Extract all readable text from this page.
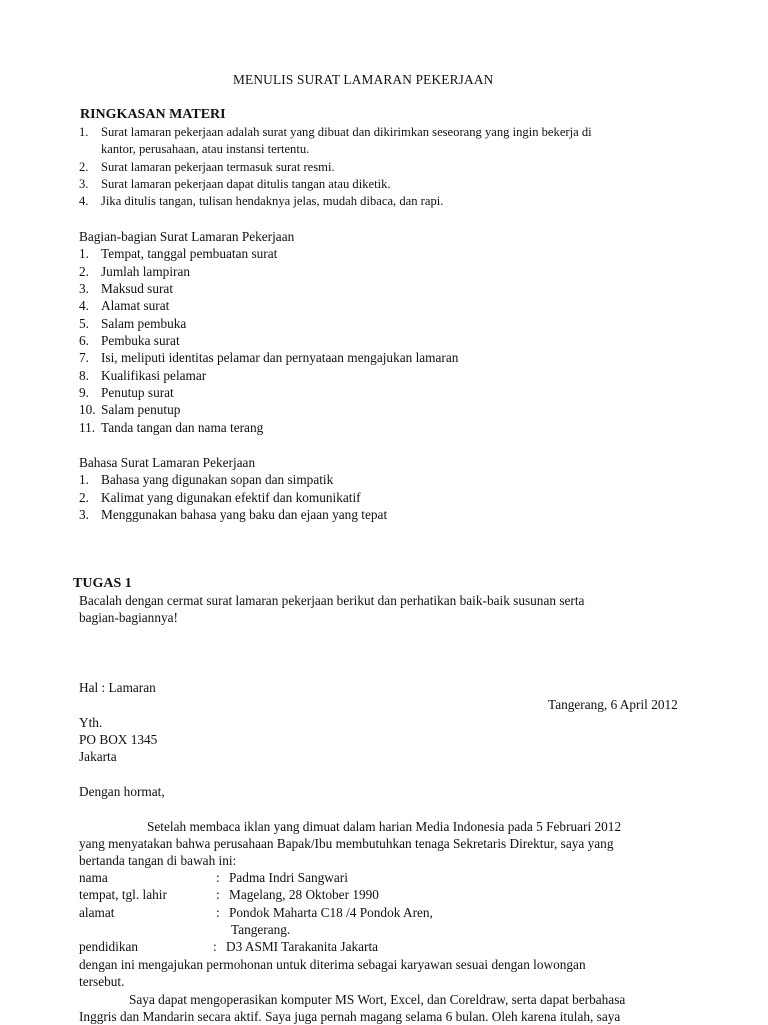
MENULIS SURAT LAMARAN PEKERJAAN
RINGKASAN MATERI
1. Surat lamaran pekerjaan adalah surat yang dibuat dan dikirimkan seseorang yang ingin bekerja di
kantor, perusahaan, atau instansi tertentu.
2. Surat lamaran pekerjaan termasuk surat resmi.
3. Surat lamaran pekerjaan dapat ditulis tangan atau diketik.
4. Jika ditulis tangan, tulisan hendaknya jelas, mudah dibaca, dan rapi.
Bagian-bagian Surat Lamaran Pekerjaan
1. Tempat, tanggal pembuatan surat
2. Jumlah lampiran
3. Maksud surat
4. Alamat surat
5. Salam pembuka
6. Pembuka surat
7. Isi, meliputi identitas pelamar dan pernyataan mengajukan lamaran
8. Kualifikasi pelamar
9. Penutup surat
10. Salam penutup
11. Tanda tangan dan nama terang
Bahasa Surat Lamaran Pekerjaan
1. Bahasa yang digunakan sopan dan simpatik
2. Kalimat yang digunakan efektif dan komunikatif
3. Menggunakan bahasa yang baku dan ejaan yang tepat
TUGAS 1
Bacalah dengan cermat surat lamaran pekerjaan berikut dan perhatikan baik-baik susunan serta
bagian-bagiannya!
Hal : Lamaran
Tangerang, 6 April 2012
Yth.
PO BOX 1345
Jakarta
Dengan hormat,
Setelah membaca iklan yang dimuat dalam harian Media Indonesia pada 5 Februari 2012
yang menyatakan bahwa perusahaan Bapak/Ibu membutuhkan tenaga Sekretaris Direktur, saya yang
bertanda tangan di bawah ini:
nama	: Padma Indri Sangwari
tempat, tgl. lahir	: Magelang, 28 Oktober 1990
alamat	: Pondok Maharta C18 /4 Pondok Aren,
Tangerang.
pendidikan	: D3 ASMI Tarakanita Jakarta
dengan ini mengajukan permohonan untuk diterima sebagai karyawan sesuai dengan lowongan
tersebut.
Saya dapat mengoperasikan komputer MS Wort, Excel, dan Coreldraw, serta dapat berbahasa
Inggris dan Mandarin secara aktif. Saya juga pernah magang selama 6 bulan. Oleh karena itulah, saya
